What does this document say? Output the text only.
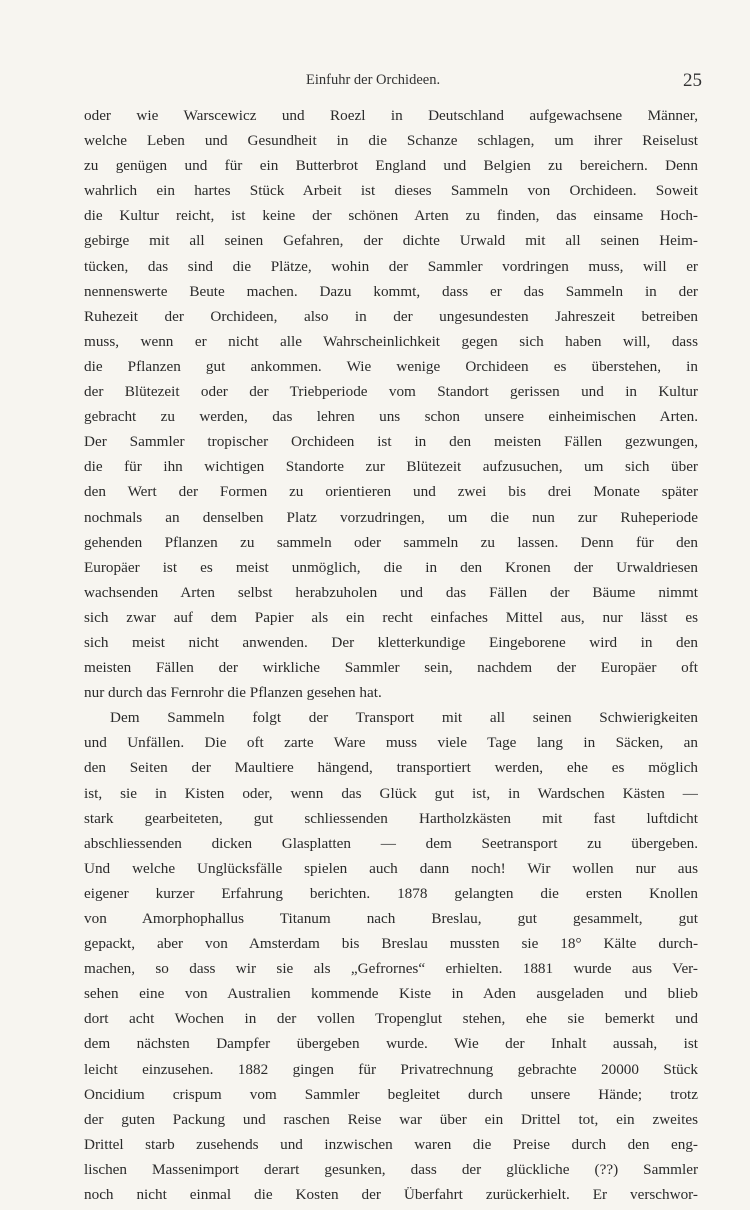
Einfuhr der Orchideen.	25
oder wie Warscewicz und Roezl in Deutschland aufgewachsene Männer,
welche Leben und Gesundheit in die Schanze schlagen, um ihrer Reiselust
zu genügen und für ein Butterbrot England und Belgien zu bereichern. Denn
wahrlich ein hartes Stück Arbeit ist dieses Sammeln von Orchideen. Soweit
die Kultur reicht, ist keine der schönen Arten zu finden, das einsame Hoch-
gebirge mit all seinen Gefahren, der dichte Urwald mit all seinen Heim-
tücken, das sind die Plätze, wohin der Sammler vordringen muss, will er
nennenswerte Beute machen. Dazu kommt, dass er das Sammeln in der
Ruhezeit der Orchideen, also in der ungesundesten Jahreszeit betreiben
muss, wenn er nicht alle Wahrscheinlichkeit gegen sich haben will, dass
die Pflanzen gut ankommen. Wie wenige Orchideen es überstehen, in
der Blütezeit oder der Triebperiode vom Standort gerissen und in Kultur
gebracht zu werden, das lehren uns schon unsere einheimischen Arten.
Der Sammler tropischer Orchideen ist in den meisten Fällen gezwungen,
die für ihn wichtigen Standorte zur Blütezeit aufzusuchen, um sich über
den Wert der Formen zu orientieren und zwei bis drei Monate später
nochmals an denselben Platz vorzudringen, um die nun zur Ruheperiode
gehenden Pflanzen zu sammeln oder sammeln zu lassen. Denn für den
Europäer ist es meist unmöglich, die in den Kronen der Urwaldriesen
wachsenden Arten selbst herabzuholen und das Fällen der Bäume nimmt
sich zwar auf dem Papier als ein recht einfaches Mittel aus, nur lässt es
sich meist nicht anwenden. Der kletterkundige Eingeborene wird in den
meisten Fällen der wirkliche Sammler sein, nachdem der Europäer oft
nur durch das Fernrohr die Pflanzen gesehen hat.
Dem Sammeln folgt der Transport mit all seinen Schwierigkeiten
und Unfällen. Die oft zarte Ware muss viele Tage lang in Säcken, an
den Seiten der Maultiere hängend, transportiert werden, ehe es möglich
ist, sie in Kisten oder, wenn das Glück gut ist, in Wardschen Kästen —
stark gearbeiteten, gut schliessenden Hartholzkästen mit fast luftdicht
abschliessenden dicken Glasplatten — dem Seetransport zu übergeben.
Und welche Unglücksfälle spielen auch dann noch! Wir wollen nur aus
eigener kurzer Erfahrung berichten. 1878 gelangten die ersten Knollen
von Amorphophallus Titanum nach Breslau, gut gesammelt, gut
gepackt, aber von Amsterdam bis Breslau mussten sie 18° Kälte durch-
machen, so dass wir sie als „Gefrornes“ erhielten. 1881 wurde aus Ver-
sehen eine von Australien kommende Kiste in Aden ausgeladen und blieb
dort acht Wochen in der vollen Tropenglut stehen, ehe sie bemerkt und
dem nächsten Dampfer übergeben wurde. Wie der Inhalt aussah, ist
leicht einzusehen. 1882 gingen für Privatrechnung gebrachte 20000 Stück
Oncidium crispum vom Sammler begleitet durch unsere Hände; trotz
der guten Packung und raschen Reise war über ein Drittel tot, ein zweites
Drittel starb zusehends und inzwischen waren die Preise durch den eng-
lischen Massenimport derart gesunken, dass der glückliche (??) Sammler
noch nicht einmal die Kosten der Überfahrt zurückerhielt. Er verschwor-
